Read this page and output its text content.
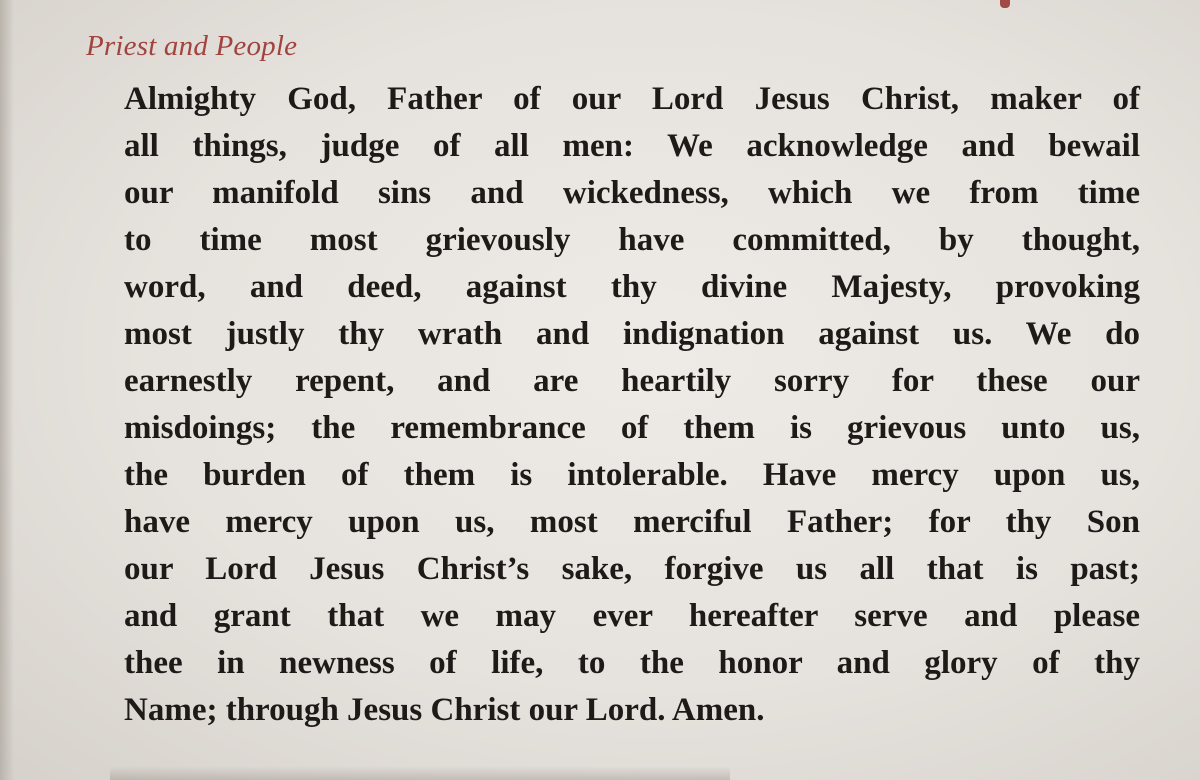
Priest and People
Almighty God, Father of our Lord Jesus Christ, maker of
all things, judge of all men: We acknowledge and bewail
our manifold sins and wickedness, which we from time
to time most grievously have committed, by thought,
word, and deed, against thy divine Majesty, provoking
most justly thy wrath and indignation against us. We do
earnestly repent, and are heartily sorry for these our
misdoings; the remembrance of them is grievous unto us,
the burden of them is intolerable. Have mercy upon us,
have mercy upon us, most merciful Father; for thy Son
our Lord Jesus Christ’s sake, forgive us all that is past;
and grant that we may ever hereafter serve and please
thee in newness of life, to the honor and glory of thy
Name; through Jesus Christ our Lord. Amen.
